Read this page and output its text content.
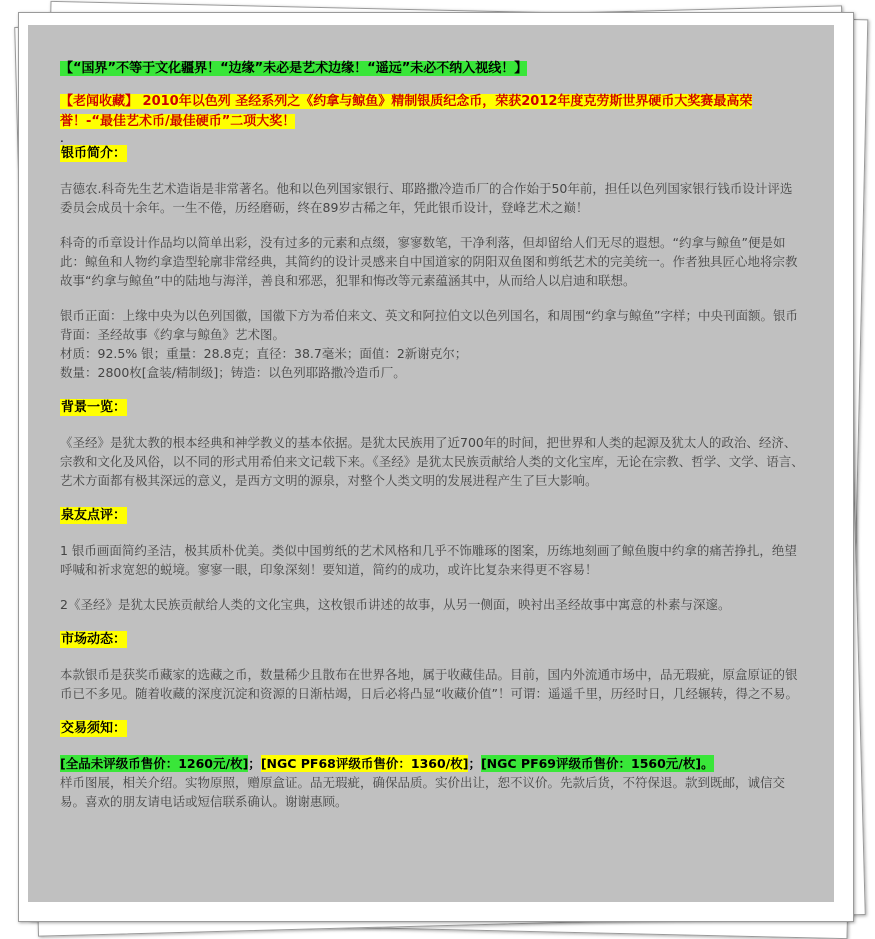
【“国界”不等于文化疆界！“边缘”未必是艺术边缘！“遥远”未必不纳入视线！】

【老闻收藏】 2010年以色列 圣经系列之《约拿与鲸鱼》精制银质纪念币，荣获2012年度克劳斯世界硬币大奖赛最高荣誉！-“最佳艺术币/最佳硬币”二项大奖！

.

银币简介：

吉德农.科奇先生艺术造诣是非常著名。他和以色列国家银行、耶路撒冷造币厂的合作始于50年前，担任以色列国家银行钱币设计评选委员会成员十余年。一生不倦，历经磨砺，终在89岁古稀之年，凭此银币设计，登峰艺术之巅！

科奇的币章设计作品均以简单出彩，没有过多的元素和点缀，寥寥数笔，干净利落，但却留给人们无尽的遐想。“约拿与鲸鱼”便是如此：鲸鱼和人物约拿造型轮廓非常经典，其简约的设计灵感来自中国道家的阴阳双鱼图和剪纸艺术的完美统一。作者独具匠心地将宗教故事“约拿与鲸鱼”中的陆地与海洋，善良和邪恶，犯罪和悔改等元素蕴涵其中，从而给人以启迪和联想。

银币正面：上缘中央为以色列国徽，国徽下方为希伯来文、英文和阿拉伯文以色列国名，和周围“约拿与鲸鱼”字样；中央刊面额。银币背面：圣经故事《约拿与鲸鱼》艺术图。

材质：92.5% 银；重量：28.8克；直径：38.7毫米；面值：2新谢克尔；

数量：2800枚[盒装/精制级]；铸造：以色列耶路撒冷造币厂。

背景一览：

《圣经》是犹太教的根本经典和神学教义的基本依据。是犹太民族用了近700年的时间，把世界和人类的起源及犹太人的政治、经济、宗教和文化及风俗，以不同的形式用希伯来文记载下来。《圣经》是犹太民族贡献给人类的文化宝库，无论在宗教、哲学、文学、语言、艺术方面都有极其深远的意义，是西方文明的源泉，对整个人类文明的发展进程产生了巨大影响。

泉友点评：

1 银币画面简约圣洁，极其质朴优美。类似中国剪纸的艺术风格和几乎不饰雕琢的图案，历练地刻画了鲸鱼腹中约拿的痛苦挣扎，绝望呼喊和祈求宽恕的蜕境。寥寥一眼，印象深刻！要知道，简约的成功，或许比复杂来得更不容易！

2《圣经》是犹太民族贡献给人类的文化宝典，这枚银币讲述的故事，从另一侧面，映衬出圣经故事中寓意的朴素与深邃。

市场动态：

本款银币是获奖币藏家的选藏之币，数量稀少且散布在世界各地，属于收藏佳品。目前，国内外流通市场中，品无瑕疵，原盒原证的银币已不多见。随着收藏的深度沉淀和资源的日渐枯竭，日后必将凸显“收藏价值”！可谓：遥遥千里，历经时日，几经辗转，得之不易。

交易须知：

[全品未评级币售价：1260元/枚]；[NGC PF68评级币售价：1360/枚]；[NGC PF69评级币售价：1560元/枚]。

样币图展，相关介绍。实物原照，赠原盒证。品无瑕疵，确保品质。实价出让，恕不议价。先款后货，不符保退。款到既邮，诚信交易。喜欢的朋友请电话或短信联系确认。谢谢惠顾。
